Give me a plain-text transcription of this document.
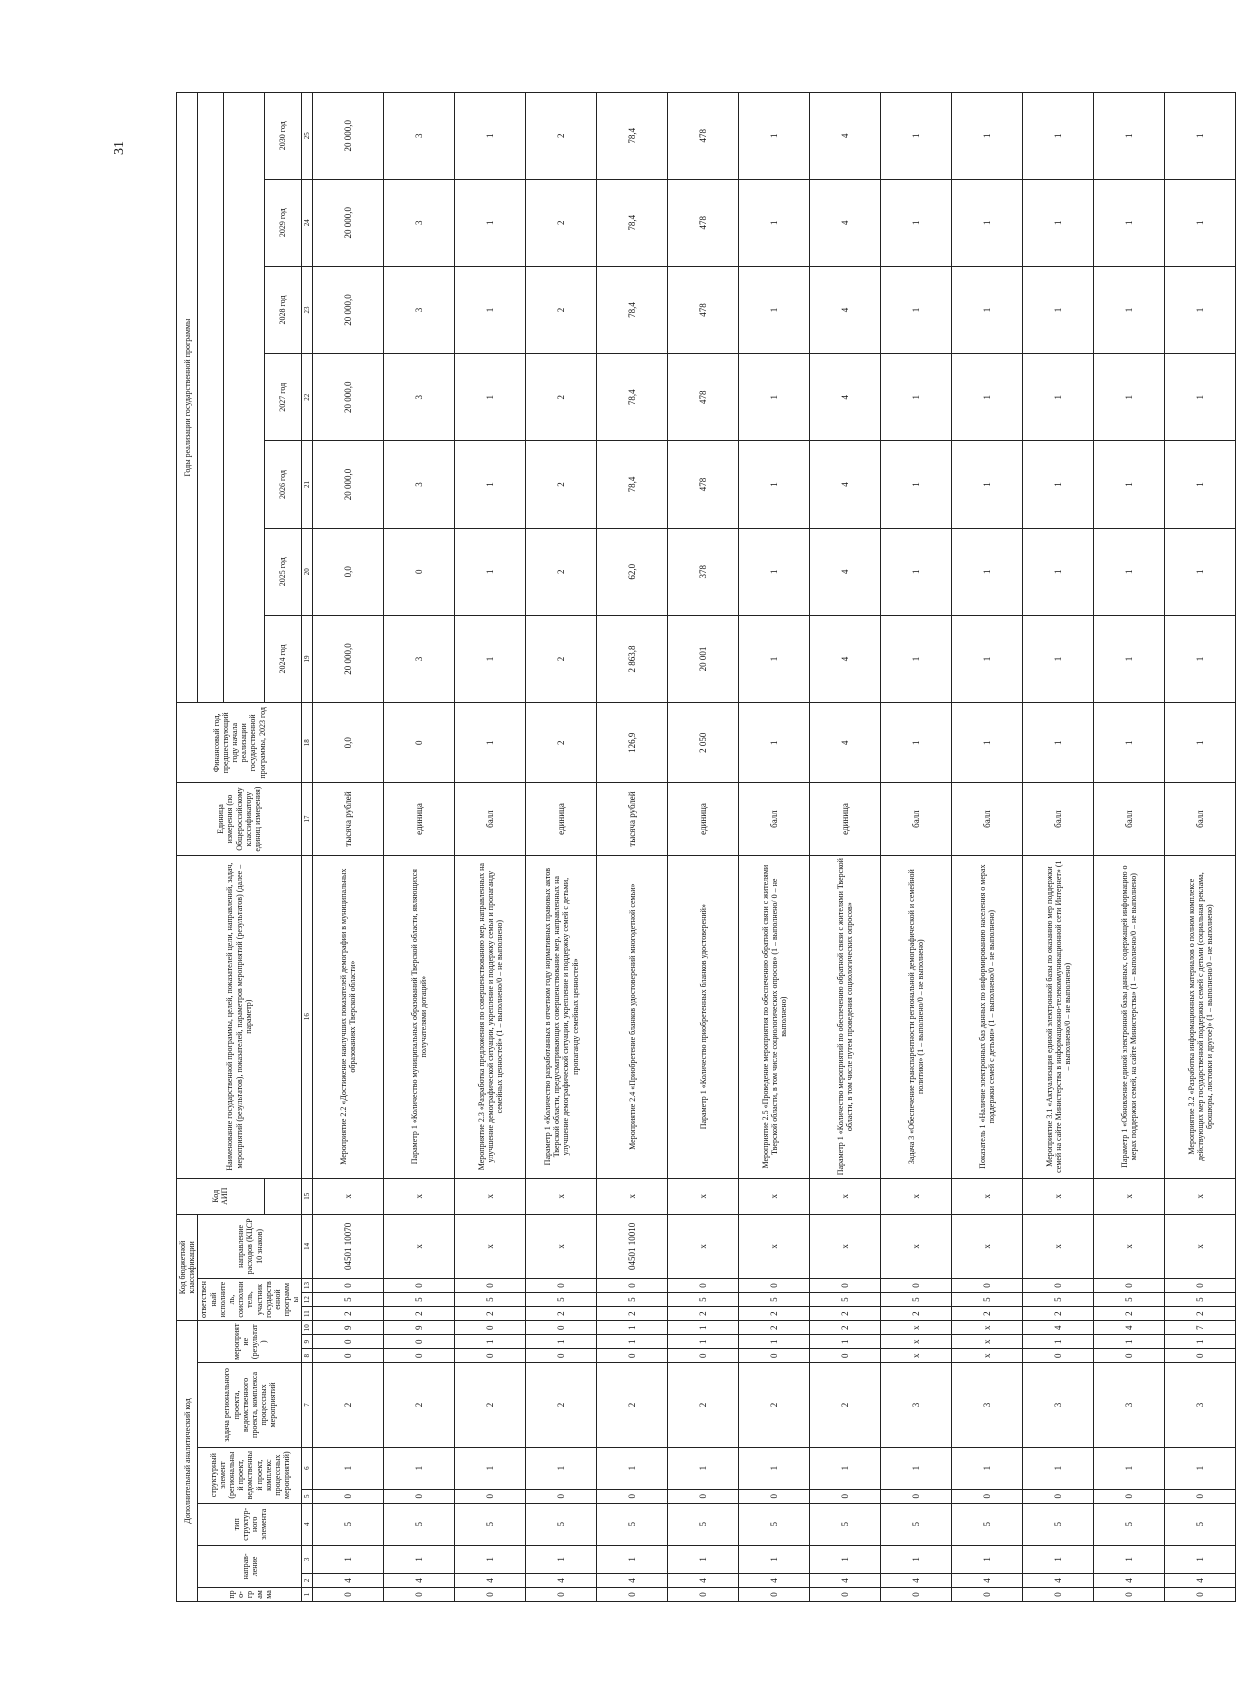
31
Дополнительный аналитический код										Код бюджетной классификации				Код АИП	Наименование государственной программы, целей, показателей цели, направлений, задач, мероприятий (результатов), показателей, параметров мероприятий (результатов) (далее – параметр)	Единица измерения (по Общероссийскому классификатору единиц измерения)	Финансовый год, предшествующий году начала реализации государственной программы, 2023 год	Годы реализации государственной программы						
про-грамма	направ-ление		тип структур-ного элемента	структурный элемент (региональный проект, ведомственный проект, комплекс процессных мероприятий)		задача регионального проекта, ведомственного проекта, комплекса процессных мероприятий	мероприятие (результат)			ответственный исполнитель, соисполнитель, участник государственной программы			направление расходов (КЦСР 10 знаков)											

																		2024 год	2025 год	2026 год	2027 год	2028 год	2029 год	2030 год
1	2	3	4	5	6	7	8	9	10	11	12	13	14	15	16	17	18	19	20	21	22	23	24	25
0	4	1	5	0	1	2	0	0	9	2	5	0	04501 10070	х	Мероприятие 2.2 «Достижение наилучших показателей демографии в муниципальных образованиях Тверской области»	тысяча рублей	0,0	20 000,0	0,0	20 000,0	20 000,0	20 000,0	20 000,0	20 000,0
0	4	1	5	0	1	2	0	0	9	2	5	0	х	х	Параметр 1 «Количество муниципальных образований Тверской области, являющихся получателями дотаций»	единица	0	3	0	3	3	3	3	3
0	4	1	5	0	1	2	0	1	0	2	5	0	х	х	Мероприятие 2.3 «Разработка предложения по совершенствованию мер, направленных на улучшение демографической ситуации, укрепление и поддержку семьи и пропаганду семейных ценностей» (1 – выполнено/0 – не выполнено)	балл	1	1	1	1	1	1	1	1
0	4	1	5	0	1	2	0	1	0	2	5	0	х	х	Параметр 1 «Количество разработанных в отчетном году нормативных правовых актов Тверской области, предусматривающих совершенствование мер, направленных на улучшение демографической ситуации, укрепление и поддержку семей с детьми, пропаганду семейных ценностей»	единица	2	2	2	2	2	2	2	2
0	4	1	5	0	1	2	0	1	1	2	5	0	04501 10010	х	Мероприятие 2.4 «Приобретение бланков удостоверений многодетной семьи»	тысяча рублей	126,9	2 863,8	62,0	78,4	78,4	78,4	78,4	78,4
0	4	1	5	0	1	2	0	1	1	2	5	0	х	х	Параметр 1 «Количество приобретенных бланков удостоверений»	единица	2 050	20 001	378	478	478	478	478	478
0	4	1	5	0	1	2	0	1	2	2	5	0	х	х	Мероприятие 2.5 «Проведение мероприятия по обеспечению обратной связи с жителями Тверской области, в том числе социологических опросов» (1 – выполнено/ 0 – не выполнено)	балл	1	1	1	1	1	1	1	1
0	4	1	5	0	1	2	0	1	2	2	5	0	х	х	Параметр 1 «Количество мероприятий по обеспечению обратной связи с жителями Тверской области, в том числе путем проведения социологических опросов»	единица	4	4	4	4	4	4	4	4
0	4	1	5	0	1	3	х	х	х	2	5	0	х	х	Задача 3 «Обеспечение транспарентности региональной демографической и семейной политики» (1 – выполнено/0 – не выполнено)	балл	1	1	1	1	1	1	1	1
0	4	1	5	0	1	3	х	х	х	2	5	0	х	х	Показатель 1 «Наличие электронных баз данных по информированию населения о мерах поддержки семей с детьми» (1 – выполнено/0 – не выполнено)	балл	1	1	1	1	1	1	1	1
0	4	1	5	0	1	3	0	1	4	2	5	0	х	х	Мероприятие 3.1 «Актуализация единой электронной базы по оказанию мер поддержки семей на сайте Министерства в информационно-телекоммуникационной сети Интернет» (1 – выполнено/0 – не выполнено)	балл	1	1	1	1	1	1	1	1
0	4	1	5	0	1	3	0	1	4	2	5	0	х	х	Параметр 1 «Обновление единой электронной базы данных, содержащей информацию о мерах поддержки семей, на сайте Министерства» (1 – выполнено/0 – не выполнено)	балл	1	1	1	1	1	1	1	1
0	4	1	5	0	1	3	0	1	7	2	5	0	х	х	Мероприятие 3.2 «Разработка информационных материалов о полном комплексе действующих мер государственной поддержки семей с детьми (социальная реклама, брошюры, листовки и другое)» (1 – выполнено/0 – не выполнено)	балл	1	1	1	1	1	1	1	1
